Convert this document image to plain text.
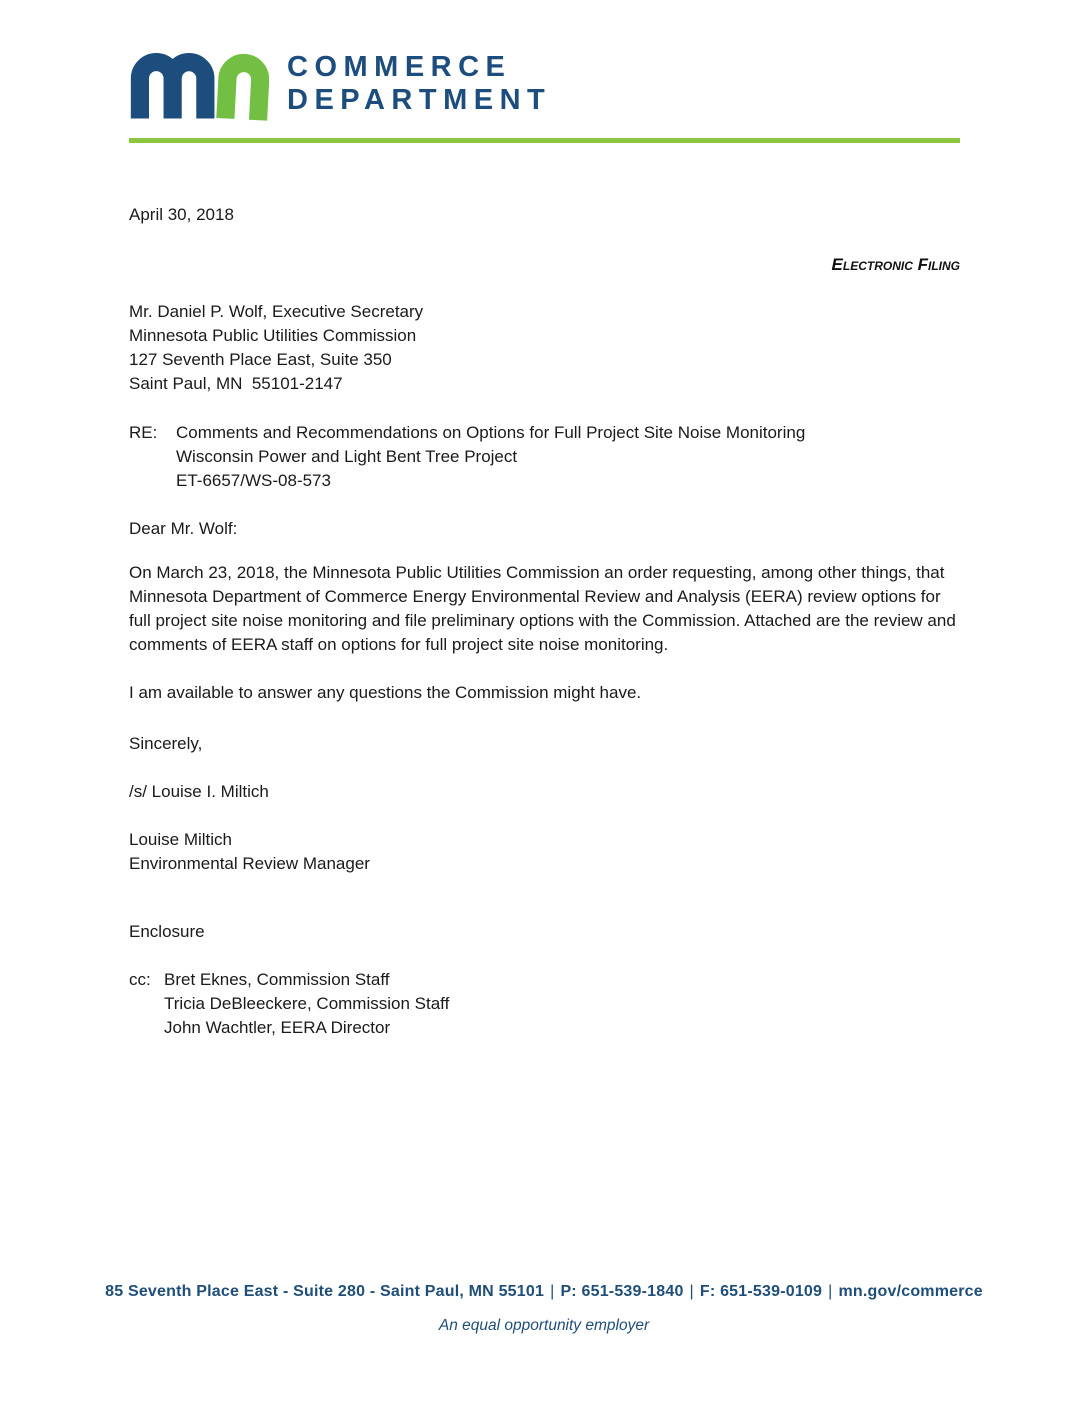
COMMERCE
DEPARTMENT
April 30, 2018
Electronic Filing
Mr. Daniel P. Wolf, Executive Secretary
Minnesota Public Utilities Commission
127 Seventh Place East, Suite 350
Saint Paul, MN  55101-2147
RE:	Comments and Recommendations on Options for Full Project Site Noise Monitoring
Wisconsin Power and Light Bent Tree Project
ET-6657/WS-08-573
Dear Mr. Wolf:
On March 23, 2018, the Minnesota Public Utilities Commission an order requesting, among other things, that Minnesota Department of Commerce Energy Environmental Review and Analysis (EERA) review options for full project site noise monitoring and file preliminary options with the Commission. Attached are the review and comments of EERA staff on options for full project site noise monitoring.
I am available to answer any questions the Commission might have.
Sincerely,
/s/ Louise I. Miltich
Louise Miltich
Environmental Review Manager
Enclosure
cc: Bret Eknes, Commission Staff
Tricia DeBleeckere, Commission Staff
John Wachtler, EERA Director
85 Seventh Place East - Suite 280 - Saint Paul, MN 55101 | P: 651-539-1840 | F: 651-539-0109 | mn.gov/commerce
An equal opportunity employer
